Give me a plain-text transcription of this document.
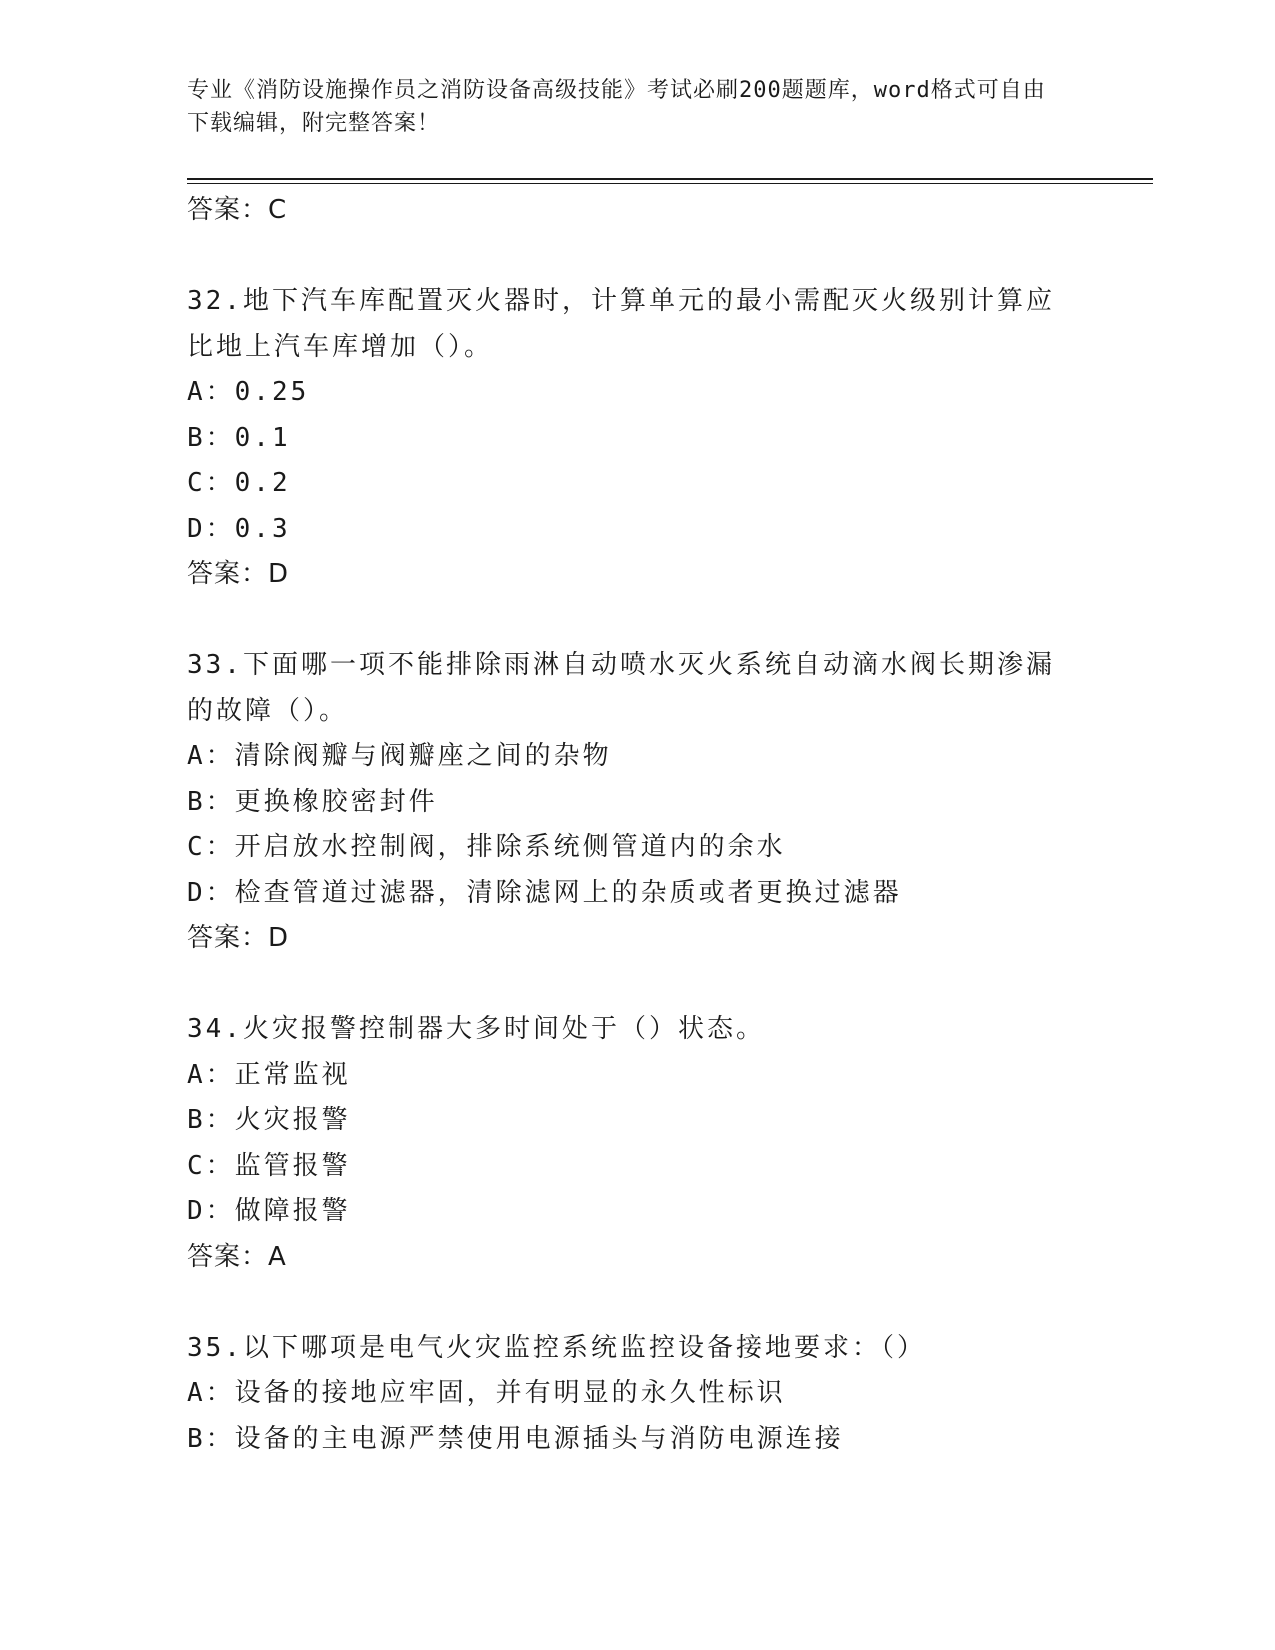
专业《消防设施操作员之消防设备高级技能》考试必刷200题题库，word格式可自由下载编辑，附完整答案！
答案：C
32.地下汽车库配置灭火器时，计算单元的最小需配灭火级别计算应比地上汽车库增加（）。
A：0.25
B：0.1
C：0.2
D：0.3
答案：D
33.下面哪一项不能排除雨淋自动喷水灭火系统自动滴水阀长期渗漏的故障（）。
A：清除阀瓣与阀瓣座之间的杂物
B：更换橡胶密封件
C：开启放水控制阀，排除系统侧管道内的余水
D：检查管道过滤器，清除滤网上的杂质或者更换过滤器
答案：D
34.火灾报警控制器大多时间处于（）状态。
A：正常监视
B：火灾报警
C：监管报警
D：做障报警
答案：A
35.以下哪项是电气火灾监控系统监控设备接地要求：（）
A：设备的接地应牢固，并有明显的永久性标识
B：设备的主电源严禁使用电源插头与消防电源连接
